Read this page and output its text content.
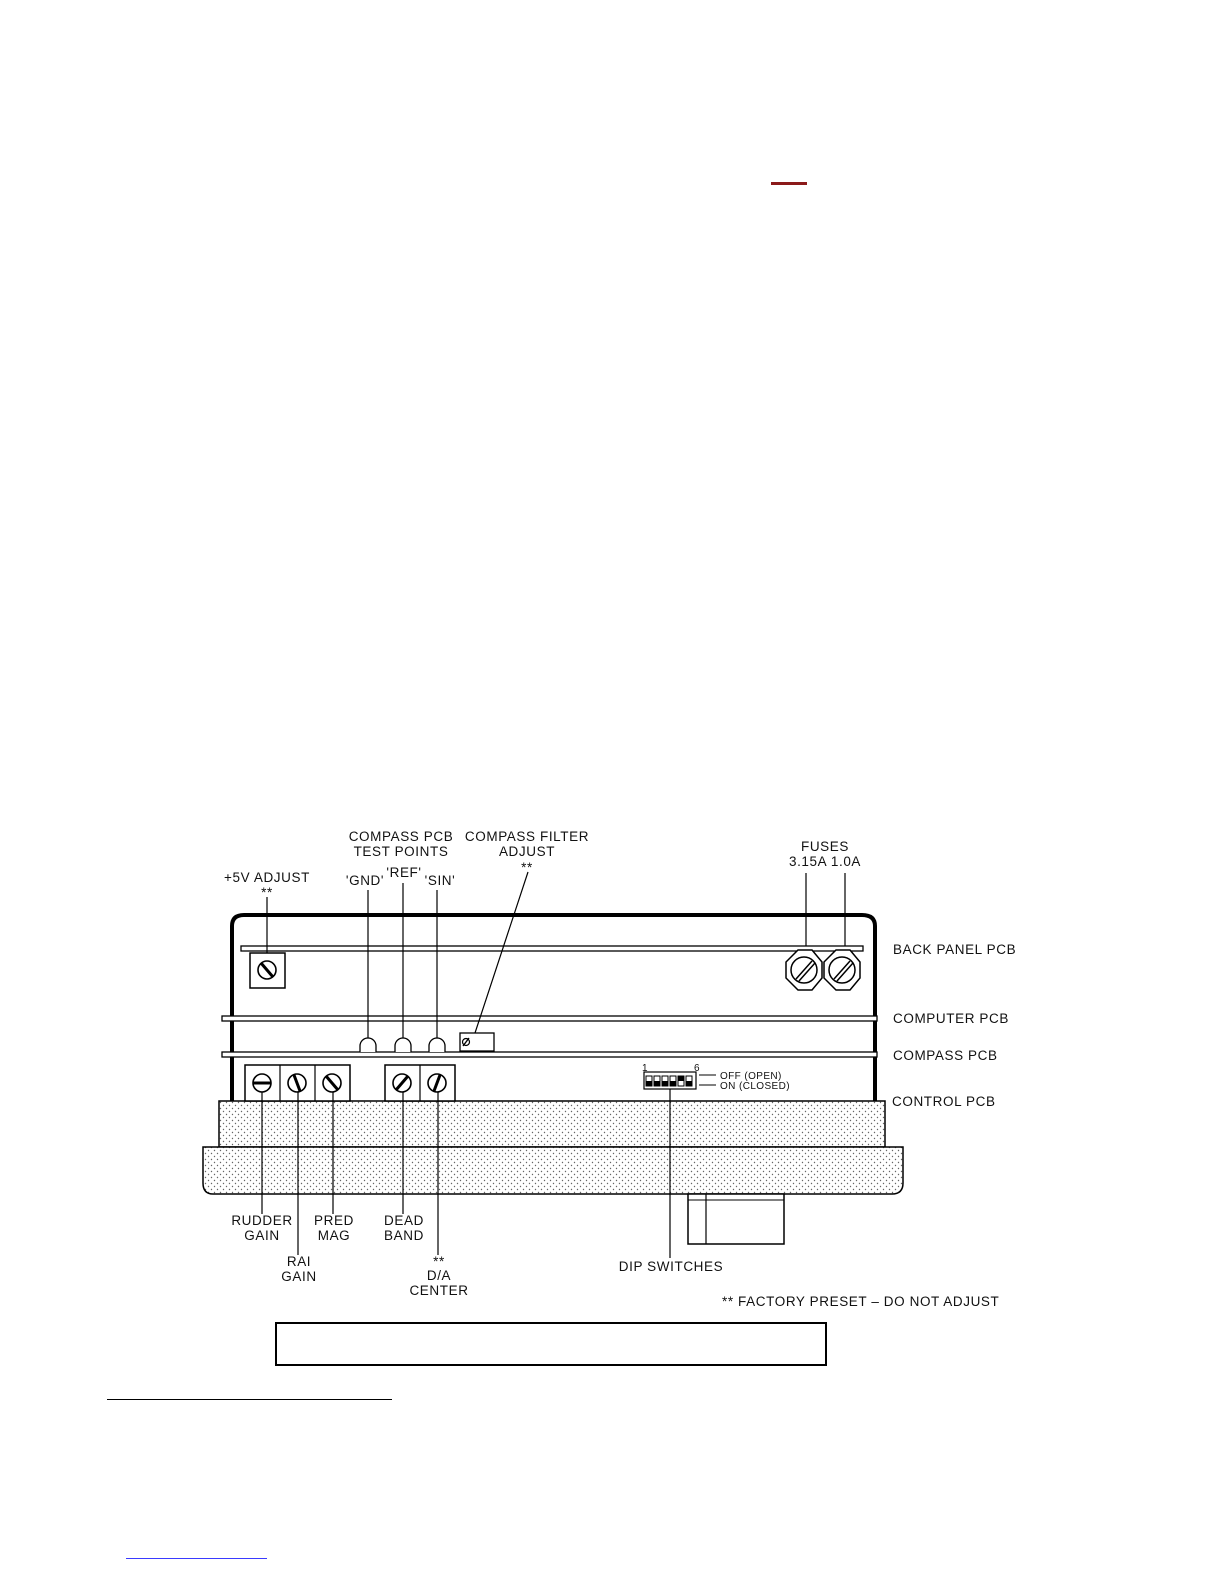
COMPASS PCB
TEST POINTS
COMPASS FILTER
ADJUST
**
+5V ADJUST
**
'GND'
'REF'
'SIN'
FUSES
3.15A 1.0A
BACK PANEL PCB
COMPUTER PCB
COMPASS PCB
CONTROL PCB
1	6
OFF (OPEN)
ON (CLOSED)
RUDDER
GAIN
RAI
GAIN
PRED
MAG
DEAD
BAND
**
D/A
CENTER
DIP SWITCHES
** FACTORY PRESET – DO NOT ADJUST
